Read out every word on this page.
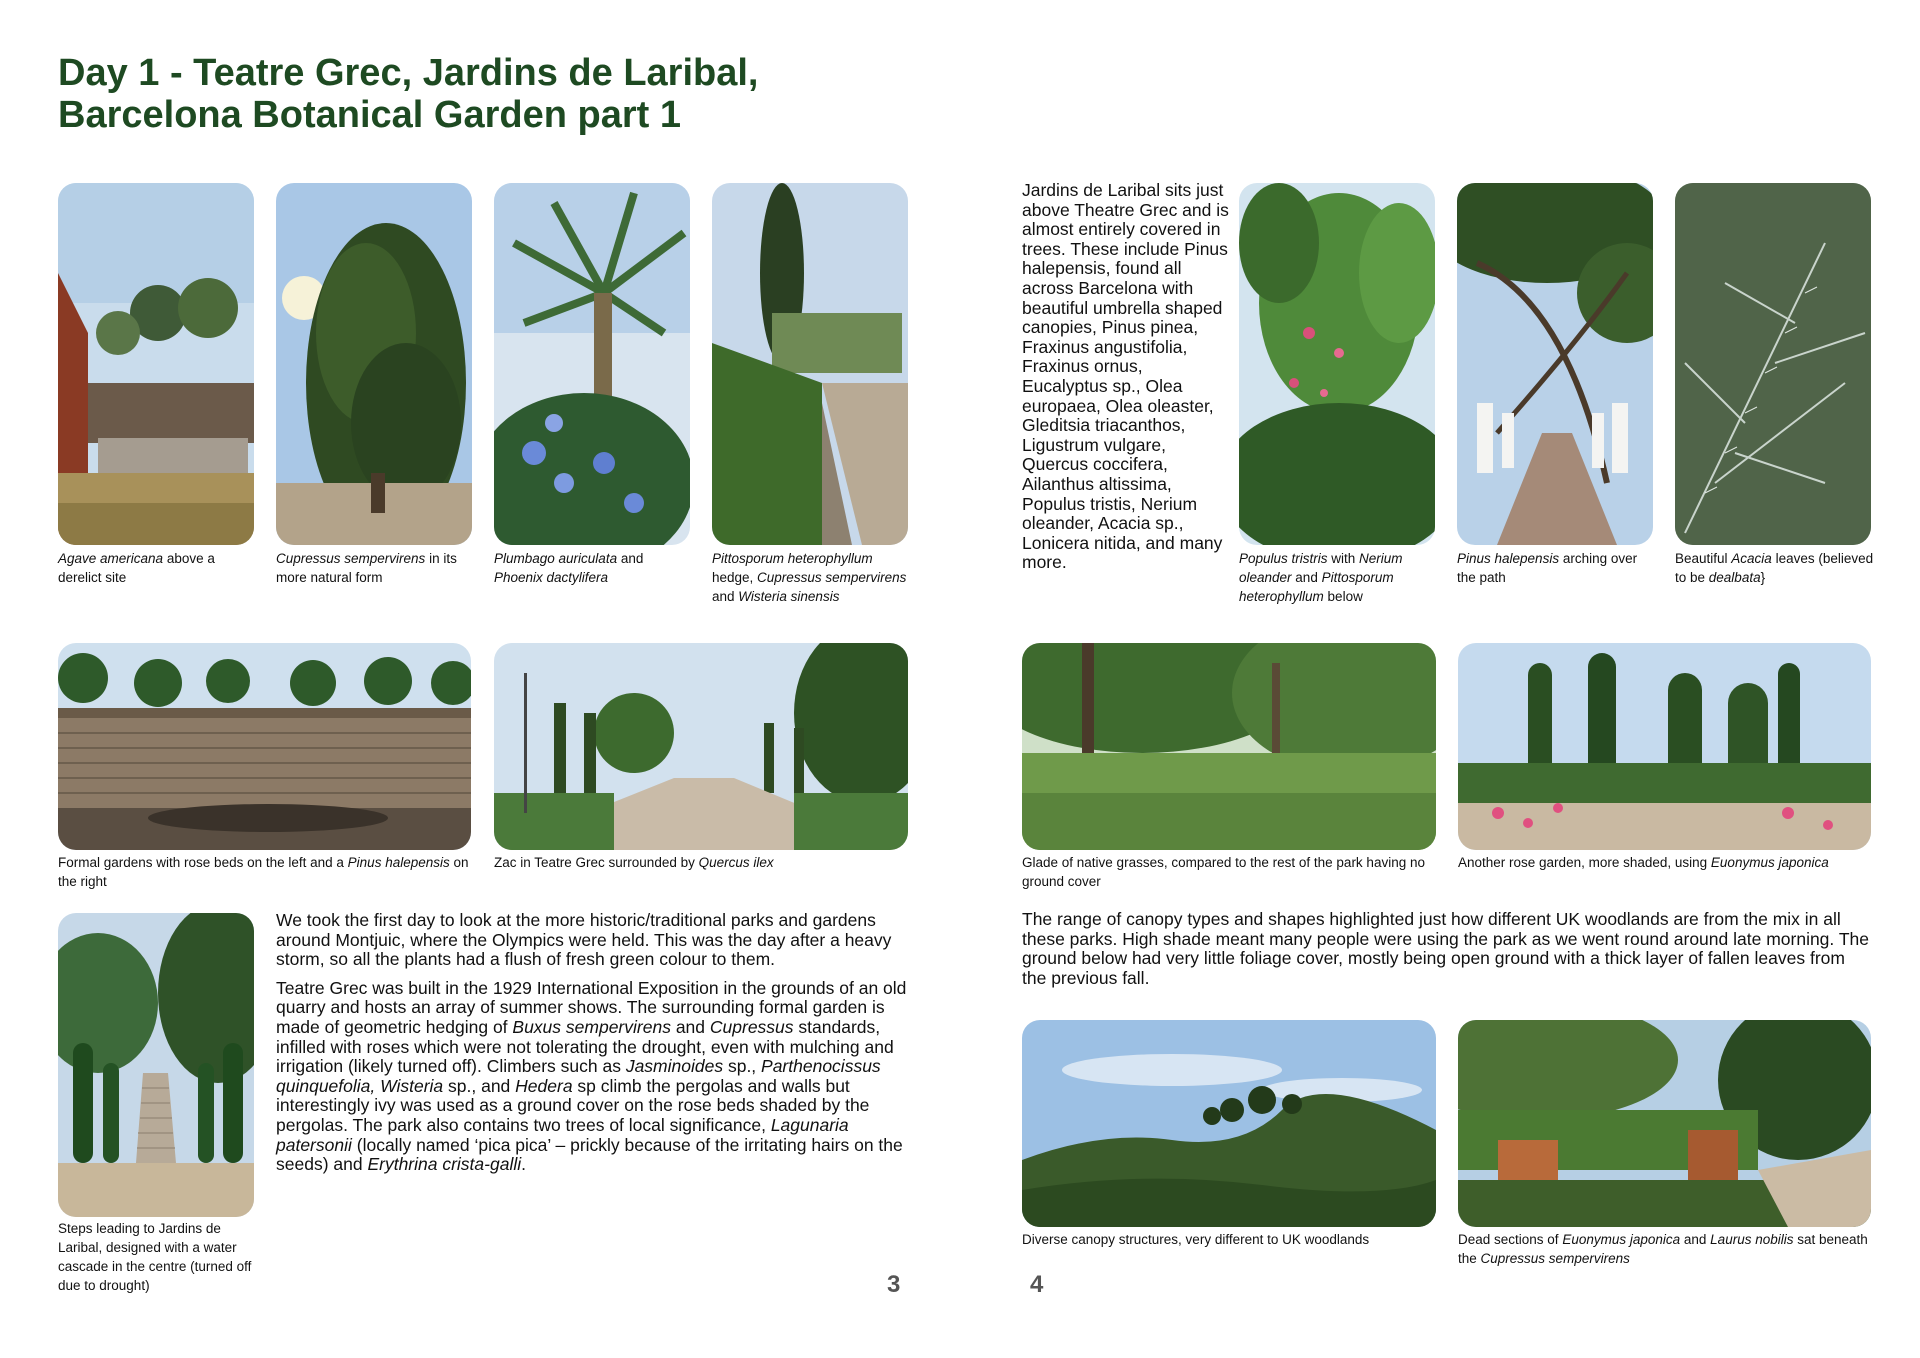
Day 1 - Teatre Grec, Jardins de Laribal,
Barcelona Botanical Garden part 1
Agave americana above a derelict site
Cupressus sempervirens in its more natural form
Plumbago auriculata and Phoenix dactylifera
Pittosporum heterophyllum hedge, Cupressus sempervirens and Wisteria sinensis
Formal gardens with rose beds on the left and a Pinus halepensis on the right
Zac in Teatre Grec surrounded by Quercus ilex
Steps leading to Jardins de Laribal, designed with a water cascade in the centre (turned off due to drought)

We took the first day to look at the more historic/traditional parks and gardens around Montjuic, where the Olympics were held. This was the day after a heavy storm, so all the plants had a flush of fresh green colour to them.

Teatre Grec was built in the 1929 International Exposition in the grounds of an old quarry and hosts an array of summer shows. The surrounding formal garden is made of geometric hedging of Buxus sempervirens and Cupressus standards, infilled with roses which were not tolerating the drought, even with mulching and irrigation (likely turned off). Climbers such as Jasminoides sp., Parthenocissus quinquefolia, Wisteria sp., and Hedera sp climb the pergolas and walls but interestingly ivy was used as a ground cover on the rose beds shaded by the pergolas. The park also contains two trees of local significance, Lagunaria patersonii (locally named ‘pica pica’ – prickly because of the irritating hairs on the seeds) and Erythrina crista-galli.

3
Jardins de Laribal sits just above Theatre Grec and is almost entirely covered in trees. These include Pinus halepensis, found all across Barcelona with beautiful umbrella shaped canopies, Pinus pinea, Fraxinus angustifolia, Fraxinus ornus, Eucalyptus sp., Olea europaea, Olea oleaster, Gleditsia triacanthos, Ligustrum vulgare, Quercus coccifera, Ailanthus altissima, Populus tristis, Nerium oleander, Acacia sp., Lonicera nitida, and many more.	Populus tristris with Nerium oleander and Pittosporum heterophyllum below
Pinus halepensis arching over the path
Beautiful Acacia leaves (believed to be dealbata}
Glade of native grasses, compared to the rest of the park having no ground cover
Another rose garden, more shaded, using Euonymus japonica
The range of canopy types and shapes highlighted just how different UK woodlands are from the mix in all these parks. High shade meant many people were using the park as we went round around late morning. The ground below had very little foliage cover, mostly being open ground with a thick layer of fallen leaves from the previous fall.
Diverse canopy structures, very different to UK woodlands	Dead sections of Euonymus japonica and Laurus nobilis sat beneath the Cupressus sempervirens
4
